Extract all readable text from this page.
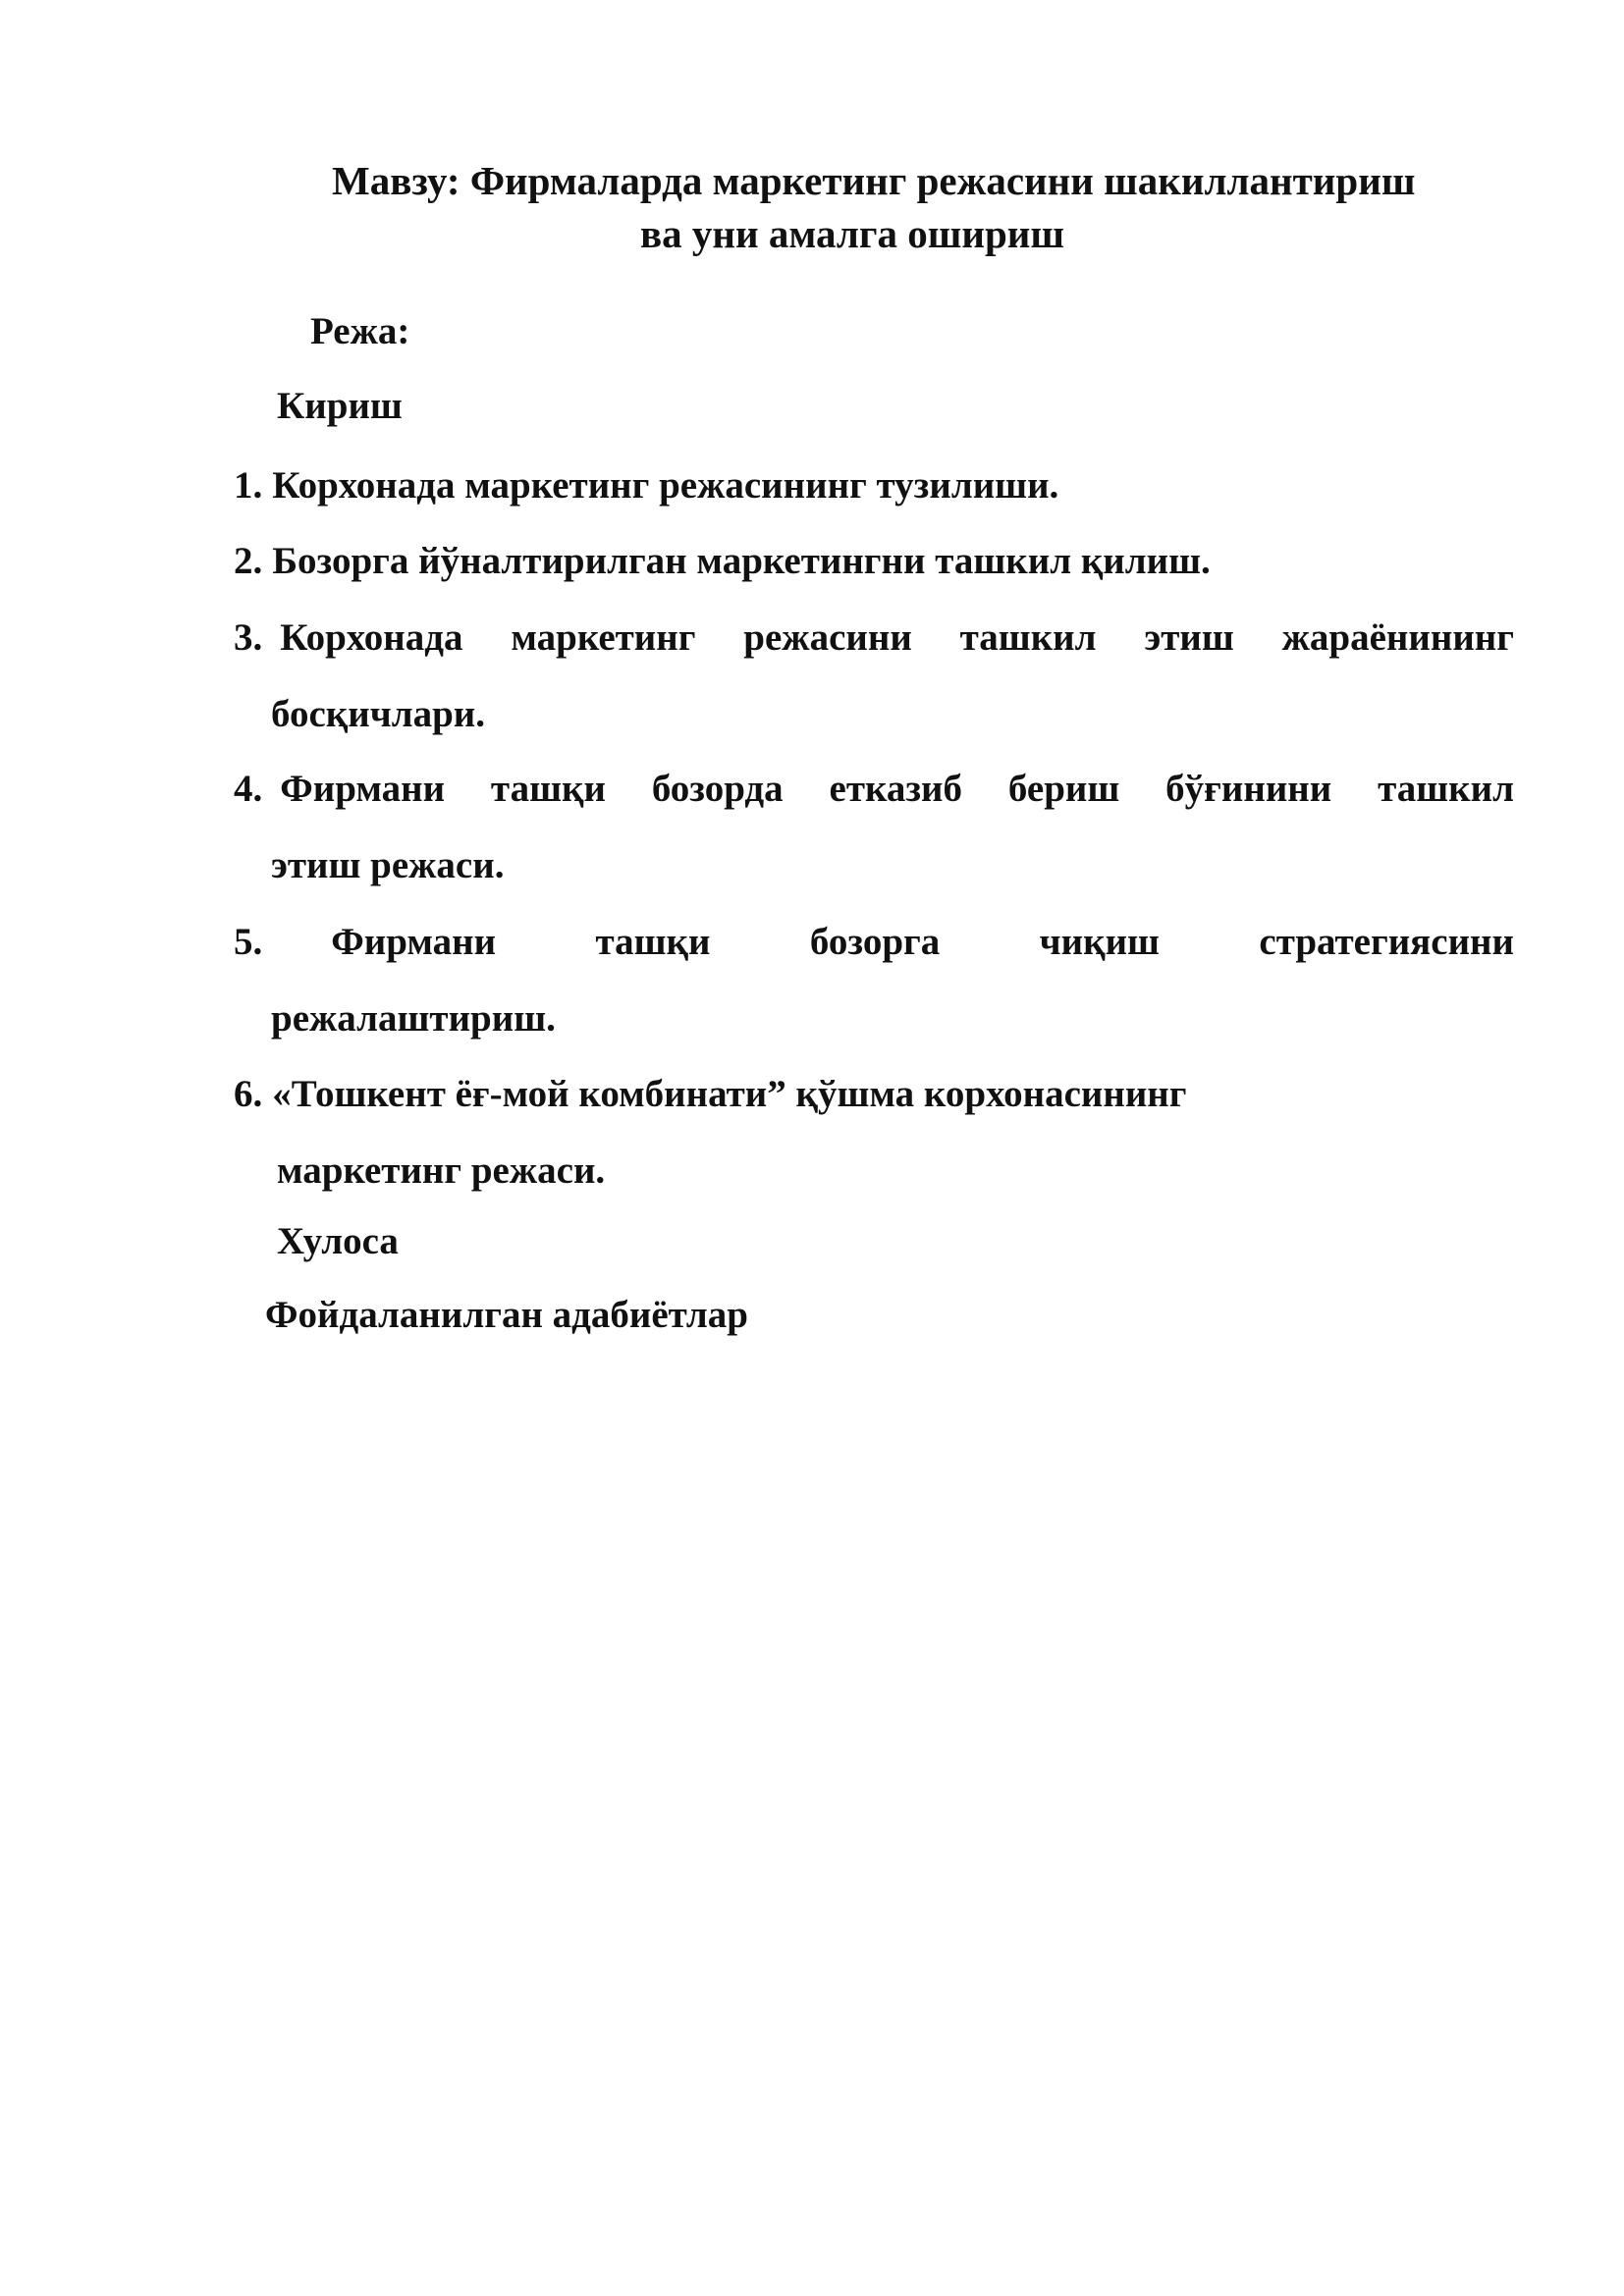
Мавзу: Фирмаларда маркетинг режасини шакиллантириш
ва уни амалга ошириш
Режа:
Кириш
1. Корхонада маркетинг режасининг тузилиши.
2. Бозорга йўналтирилган маркетингни ташкил қилиш.
3. Корхонада маркетинг режасини ташкил этиш жараёнининг
босқичлари.
4. Фирмани ташқи бозорда етказиб бериш бўғинини ташкил
этиш режаси.
5. Фирмани ташқи бозорга чиқиш стратегиясини
режалаштириш.
6. «Тошкент ёғ-мой комбинати” қўшма корхонасининг
маркетинг режаси.
Хулоса
Фойдаланилган адабиётлар
